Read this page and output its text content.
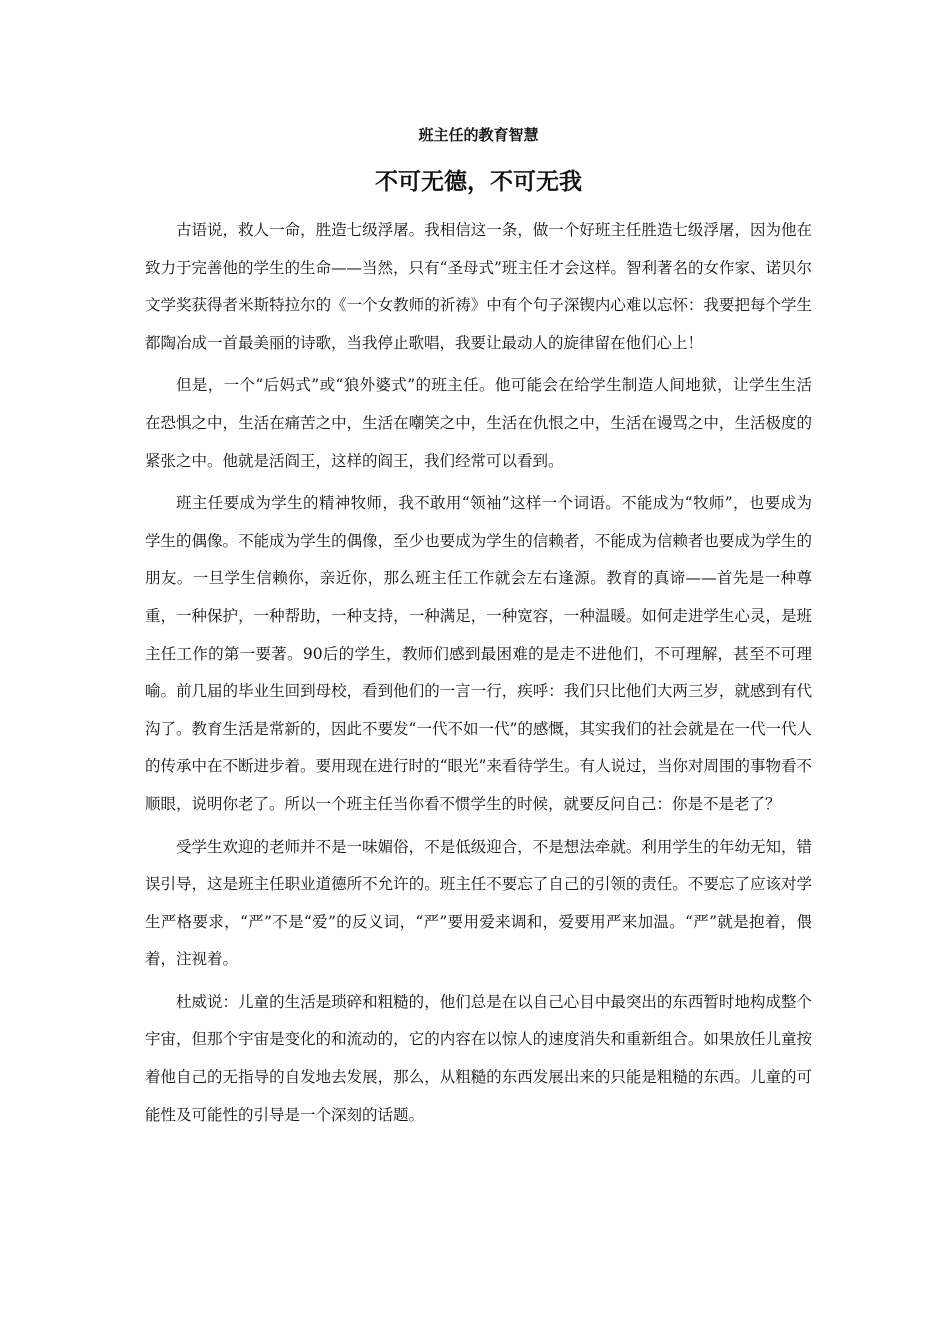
班主任的教育智慧
不可无德，不可无我

古语说，救人一命，胜造七级浮屠。我相信这一条，做一个好班主任胜造七级浮屠，因为他在致力于完善他的学生的生命——当然，只有“圣母式”班主任才会这样。智利著名的女作家、诺贝尔文学奖获得者米斯特拉尔的《一个女教师的祈祷》中有个句子深锲内心难以忘怀：我要把每个学生都陶冶成一首最美丽的诗歌，当我停止歌唱，我要让最动人的旋律留在他们心上！

但是，一个“后妈式”或“狼外婆式”的班主任。他可能会在给学生制造人间地狱，让学生生活在恐惧之中，生活在痛苦之中，生活在嘲笑之中，生活在仇恨之中，生活在谩骂之中，生活极度的紧张之中。他就是活阎王，这样的阎王，我们经常可以看到。

班主任要成为学生的精神牧师，我不敢用“领袖”这样一个词语。不能成为“牧师”，也要成为学生的偶像。不能成为学生的偶像，至少也要成为学生的信赖者，不能成为信赖者也要成为学生的朋友。一旦学生信赖你，亲近你，那么班主任工作就会左右逢源。教育的真谛——首先是一种尊重，一种保护，一种帮助，一种支持，一种满足，一种宽容，一种温暖。如何走进学生心灵，是班主任工作的第一要著。90后的学生，教师们感到最困难的是走不进他们，不可理解，甚至不可理喻。前几届的毕业生回到母校，看到他们的一言一行，疾呼：我们只比他们大两三岁，就感到有代沟了。教育生活是常新的，因此不要发“一代不如一代”的感慨，其实我们的社会就是在一代一代人的传承中在不断进步着。要用现在进行时的“眼光”来看待学生。有人说过，当你对周围的事物看不顺眼，说明你老了。所以一个班主任当你看不惯学生的时候，就要反问自己：你是不是老了？

受学生欢迎的老师并不是一味媚俗，不是低级迎合，不是想法牵就。利用学生的年幼无知，错误引导，这是班主任职业道德所不允许的。班主任不要忘了自己的引领的责任。不要忘了应该对学生严格要求，“严”不是“爱”的反义词，“严”要用爱来调和，爱要用严来加温。“严”就是抱着，偎着，注视着。

杜威说：儿童的生活是琐碎和粗糙的，他们总是在以自己心目中最突出的东西暂时地构成整个宇宙，但那个宇宙是变化的和流动的，它的内容在以惊人的速度消失和重新组合。如果放任儿童按着他自己的无指导的自发地去发展，那么，从粗糙的东西发展出来的只能是粗糙的东西。儿童的可能性及可能性的引导是一个深刻的话题。
